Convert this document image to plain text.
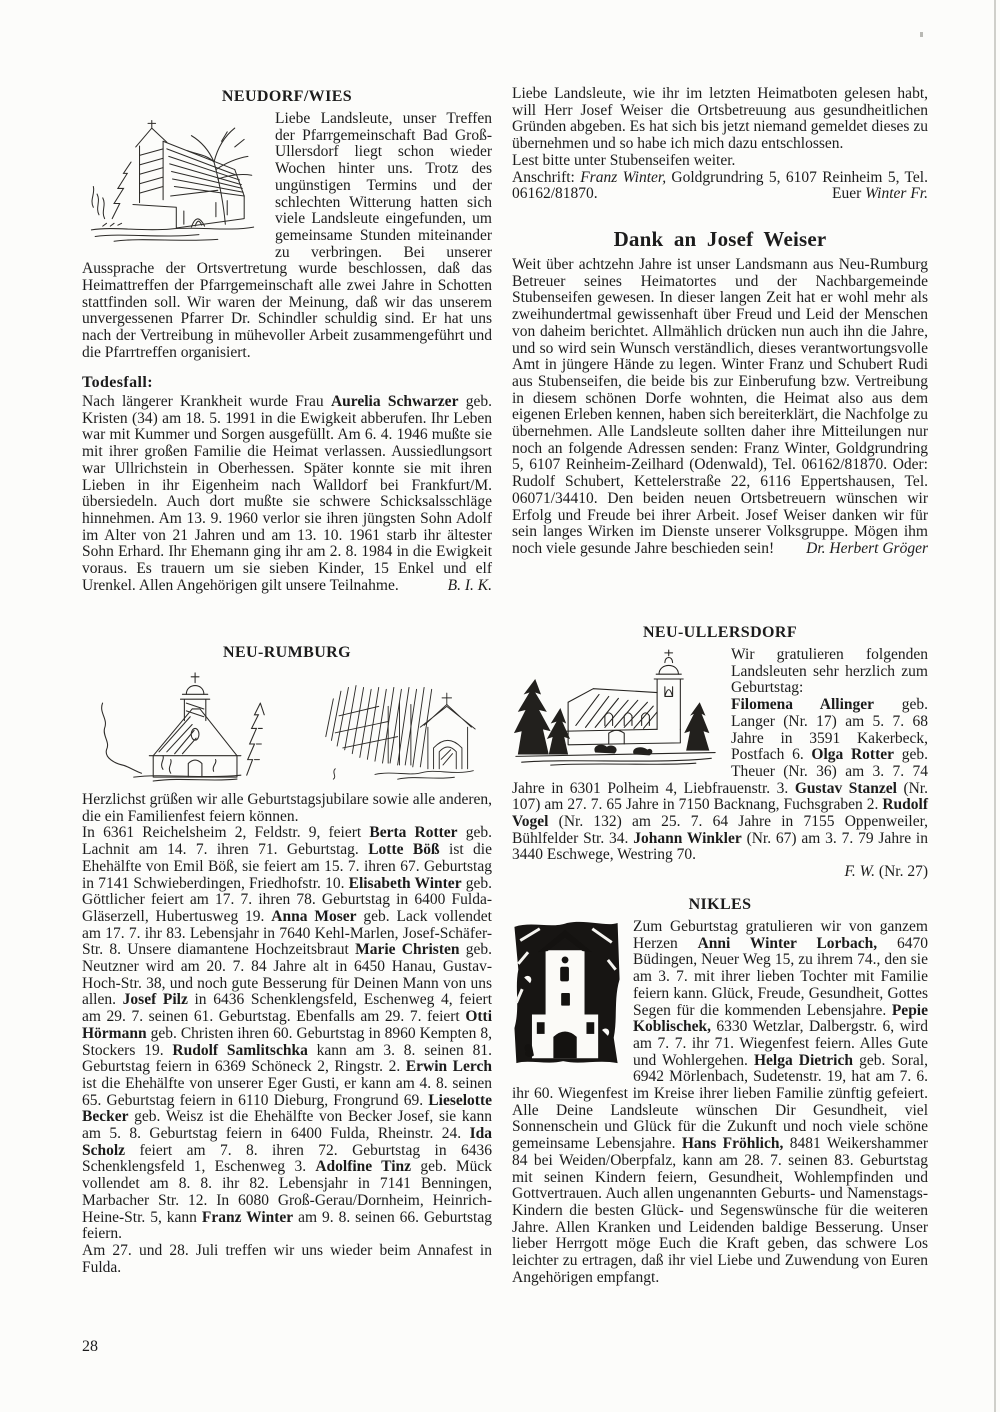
NEUDORF/WIES

Liebe Landsleute, unser Treffen der Pfarrgemeinschaft Bad Groß-Ullersdorf liegt schon wieder Wochen hinter uns. Trotz des ungünstigen Termins und der schlechten Witterung hatten sich viele Landsleute eingefunden, um gemeinsame Stunden miteinander zu verbringen. Bei unserer Aussprache der Ortsvertretung wurde beschlossen, daß das Heimattreffen der Pfarrgemeinschaft alle zwei Jahre in Schotten stattfinden soll. Wir waren der Meinung, daß wir das unserem unvergessenen Pfarrer Dr. Schindler schuldig sind. Er hat uns nach der Vertreibung in mühevoller Arbeit zusammengeführt und die Pfarrtreffen organisiert.

Todesfall:

Nach längerer Krankheit wurde Frau Aurelia Schwarzer geb. Kristen (34) am 18. 5. 1991 in die Ewigkeit abberufen. Ihr Leben war mit Kummer und Sorgen ausgefüllt. Am 6. 4. 1946 mußte sie mit ihrer großen Familie die Heimat verlassen. Aussiedlungsort war Ullrichstein in Oberhessen. Später konnte sie mit ihren Lieben in ihr Eigenheim nach Walldorf bei Frankfurt/M. übersiedeln. Auch dort mußte sie schwere Schicksalsschläge hinnehmen. Am 13. 9. 1960 verlor sie ihren jüngsten Sohn Adolf im Alter von 21 Jahren und am 13. 10. 1961 starb ihr ältester Sohn Erhard. Ihr Ehemann ging ihr am 2. 8. 1984 in die Ewigkeit voraus. Es trauern um sie sieben Kinder, 15 Enkel und elf Urenkel. Allen Angehörigen gilt unsere Teilnahme.	B. I. K.

NEU-RUMBURG

Herzlichst grüßen wir alle Geburtstagsjubilare sowie alle anderen, die ein Familienfest feiern können.

In 6361 Reichelsheim 2, Feldstr. 9, feiert Berta Rotter geb. Lachnit am 14. 7. ihren 71. Geburtstag. Lotte Böß ist die Ehehälfte von Emil Böß, sie feiert am 15. 7. ihren 67. Geburtstag in 7141 Schwieberdingen, Friedhofstr. 10. Elisabeth Winter geb. Göttlicher feiert am 17. 7. ihren 78. Geburtstag in 6400 Fulda-Gläserzell, Hubertusweg 19. Anna Moser geb. Lack vollendet am 17. 7. ihr 83. Lebensjahr in 7640 Kehl-Marlen, Josef-Schäfer-Str. 8. Unsere diamantene Hochzeitsbraut Marie Christen geb. Neutzner wird am 20. 7. 84 Jahre alt in 6450 Hanau, Gustav-Hoch-Str. 38, und noch gute Besserung für Deinen Mann von uns allen. Josef Pilz in 6436 Schenklengsfeld, Eschenweg 4, feiert am 29. 7. seinen 61. Geburtstag. Ebenfalls am 29. 7. feiert Otti Hörmann geb. Christen ihren 60. Geburtstag in 8960 Kempten 8, Stockers 19. Rudolf Samlitschka kann am 3. 8. seinen 81. Geburtstag feiern in 6369 Schöneck 2, Ringstr. 2. Erwin Lerch ist die Ehehälfte von unserer Eger Gusti, er kann am 4. 8. seinen 65. Geburtstag feiern in 6110 Dieburg, Frongrund 69. Lieselotte Becker geb. Weisz ist die Ehehälfte von Becker Josef, sie kann am 5. 8. Geburtstag feiern in 6400 Fulda, Rheinstr. 24. Ida Scholz feiert am 7. 8. ihren 72. Geburtstag in 6436 Schenklengsfeld 1, Eschenweg 3. Adolfine Tinz geb. Mück vollendet am 8. 8. ihr 82. Lebensjahr in 7141 Benningen, Marbacher Str. 12. In 6080 Groß-Gerau/Dornheim, Heinrich-Heine-Str. 5, kann Franz Winter am 9. 8. seinen 66. Geburtstag feiern.

Am 27. und 28. Juli treffen wir uns wieder beim Annafest in Fulda.

28

Liebe Landsleute, wie ihr im letzten Heimatboten gelesen habt, will Herr Josef Weiser die Ortsbetreuung aus gesundheitlichen Gründen abgeben. Es hat sich bis jetzt niemand gemeldet dieses zu übernehmen und so habe ich mich dazu entschlossen.

Lest bitte unter Stubenseifen weiter.

Anschrift: Franz Winter, Goldgrundring 5, 6107 Reinheim 5, Tel. 06162/81870.	Euer Winter Fr.

Dank an Josef Weiser

Weit über achtzehn Jahre ist unser Landsmann aus Neu-Rumburg Betreuer seines Heimatortes und der Nachbargemeinde Stubenseifen gewesen. In dieser langen Zeit hat er wohl mehr als zweihundertmal gewissenhaft über Freud und Leid der Menschen von daheim berichtet. Allmählich drücken nun auch ihn die Jahre, und so wird sein Wunsch verständlich, dieses verantwortungsvolle Amt in jüngere Hände zu legen. Winter Franz und Schubert Rudi aus Stubenseifen, die beide bis zur Einberufung bzw. Vertreibung in diesem schönen Dorfe wohnten, die Heimat also aus dem eigenen Erleben kennen, haben sich bereiterklärt, die Nachfolge zu übernehmen. Alle Landsleute sollten daher ihre Mitteilungen nur noch an folgende Adressen senden: Franz Winter, Goldgrundring 5, 6107 Reinheim-Zeilhard (Odenwald), Tel. 06162/81870. Oder: Rudolf Schubert, Kettelerstraße 22, 6116 Eppertshausen, Tel. 06071/34410. Den beiden neuen Ortsbetreuern wünschen wir Erfolg und Freude bei ihrer Arbeit. Josef Weiser danken wir für sein langes Wirken im Dienste unserer Volksgruppe. Mögen ihm noch viele gesunde Jahre beschieden sein!	Dr. Herbert Gröger

NEU-ULLERSDORF

Wir gratulieren folgenden Landsleuten sehr herzlich zum Geburtstag:

Filomena Allinger geb. Langer (Nr. 17) am 5. 7. 68 Jahre in 3591 Kakerbeck, Postfach 6. Olga Rotter geb. Theuer (Nr. 36) am 3. 7. 74 Jahre in 6301 Polheim 4, Liebfrauenstr. 3. Gustav Stanzel (Nr. 107) am 27. 7. 65 Jahre in 7150 Backnang, Fuchsgraben 2. Rudolf Vogel (Nr. 132) am 25. 7. 64 Jahre in 7155 Oppenweiler, Bühlfelder Str. 34. Johann Winkler (Nr. 67) am 3. 7. 79 Jahre in 3440 Eschwege, Westring 70.

F. W. (Nr. 27)

NIKLES

Zum Geburtstag gratulieren wir von ganzem Herzen Anni Winter Lorbach, 6470 Büdingen, Neuer Weg 15, zu ihrem 74., den sie am 3. 7. mit ihrer lieben Tochter mit Familie feiern kann. Glück, Freude, Gesundheit, Gottes Segen für die kommenden Lebensjahre. Pepie Koblischek, 6330 Wetzlar, Dalbergstr. 6, wird am 7. 7. ihr 71. Wiegenfest feiern. Alles Gute und Wohlergehen. Helga Dietrich geb. Soral, 6942 Mörlenbach, Sudetenstr. 19, hat am 7. 6. ihr 60. Wiegenfest im Kreise ihrer lieben Familie zünftig gefeiert. Alle Deine Landsleute wünschen Dir Gesundheit, viel Sonnenschein und Glück für die Zukunft und noch viele schöne gemeinsame Lebensjahre. Hans Fröhlich, 8481 Weikershammer 84 bei Weiden/Oberpfalz, kann am 28. 7. seinen 83. Geburtstag mit seinen Kindern feiern, Gesundheit, Wohlempfinden und Gottvertrauen. Auch allen ungenannten Geburts- und Namenstags-Kindern die besten Glück- und Segenswünsche für die weiteren Jahre. Allen Kranken und Leidenden baldige Besserung. Unser lieber Herrgott möge Euch die Kraft geben, das schwere Los leichter zu ertragen, daß ihr viel Liebe und Zuwendung von Euren Angehörigen empfangt.
